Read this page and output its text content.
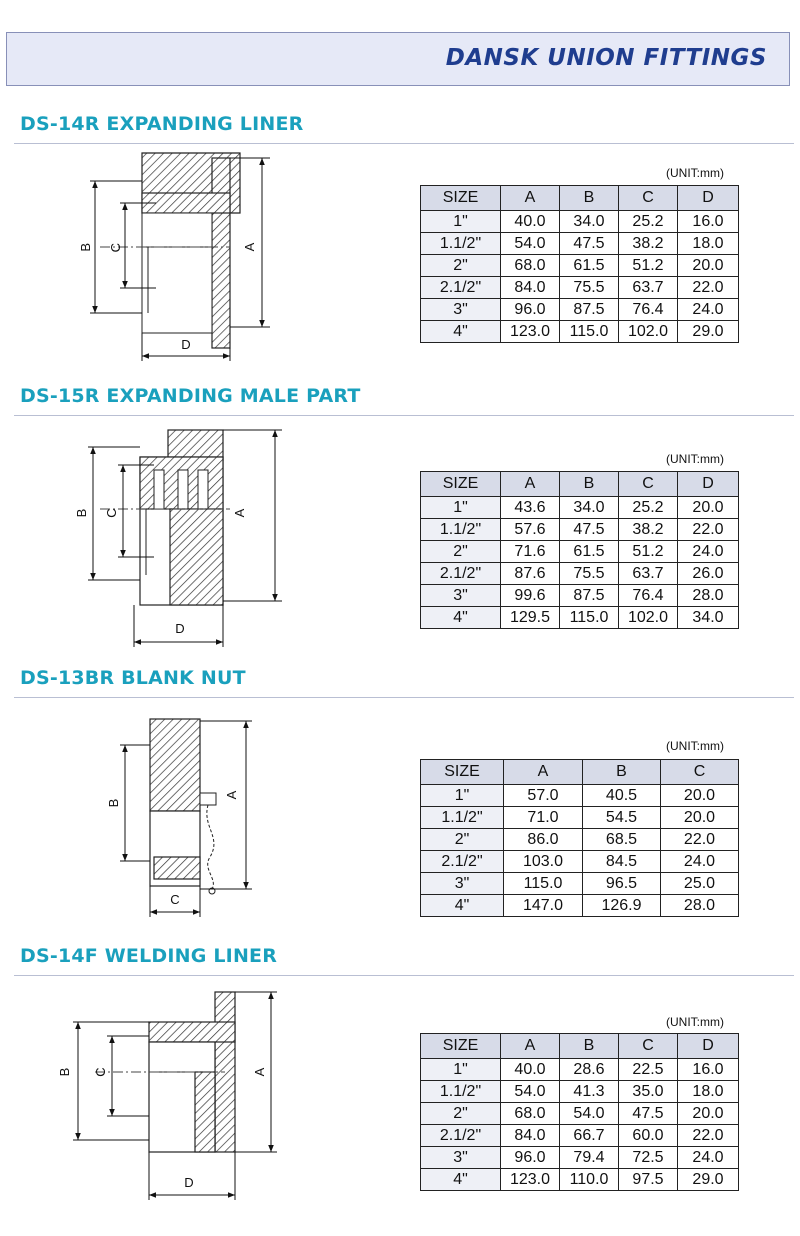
DANSK UNION FITTINGS
DS-14R EXPANDING LINER
B C	A
D
(UNIT:mm)
SIZE	A	B	C	D
1"	40.0	34.0	25.2	16.0
1.1/2"	54.0	47.5	38.2	18.0
2"	68.0	61.5	51.2	20.0
2.1/2"	84.0	75.5	63.7	22.0
3"	96.0	87.5	76.4	24.0
4"	123.0	115.0	102.0	29.0
DS-15R EXPANDING MALE PART
B C	A
D
(UNIT:mm)
SIZE	A	B	C	D
1"	43.6	34.0	25.2	20.0
1.1/2"	57.6	47.5	38.2	22.0
2"	71.6	61.5	51.2	24.0
2.1/2"	87.6	75.5	63.7	26.0
3"	99.6	87.5	76.4	28.0
4"	129.5	115.0	102.0	34.0
DS-13BR BLANK NUT
B
A
C
(UNIT:mm)
SIZE	A	B	C
1"	57.0	40.5	20.0
1.1/2"	71.0	54.5	20.0
2"	86.0	68.5	22.0
2.1/2"	103.0	84.5	24.0
3"	115.0	96.5	25.0
4"	147.0	126.9	28.0
DS-14F WELDING LINER
B C	A
D
(UNIT:mm)
SIZE	A	B	C	D
1"	40.0	28.6	22.5	16.0
1.1/2"	54.0	41.3	35.0	18.0
2"	68.0	54.0	47.5	20.0
2.1/2"	84.0	66.7	60.0	22.0
3"	96.0	79.4	72.5	24.0
4"	123.0	110.0	97.5	29.0
